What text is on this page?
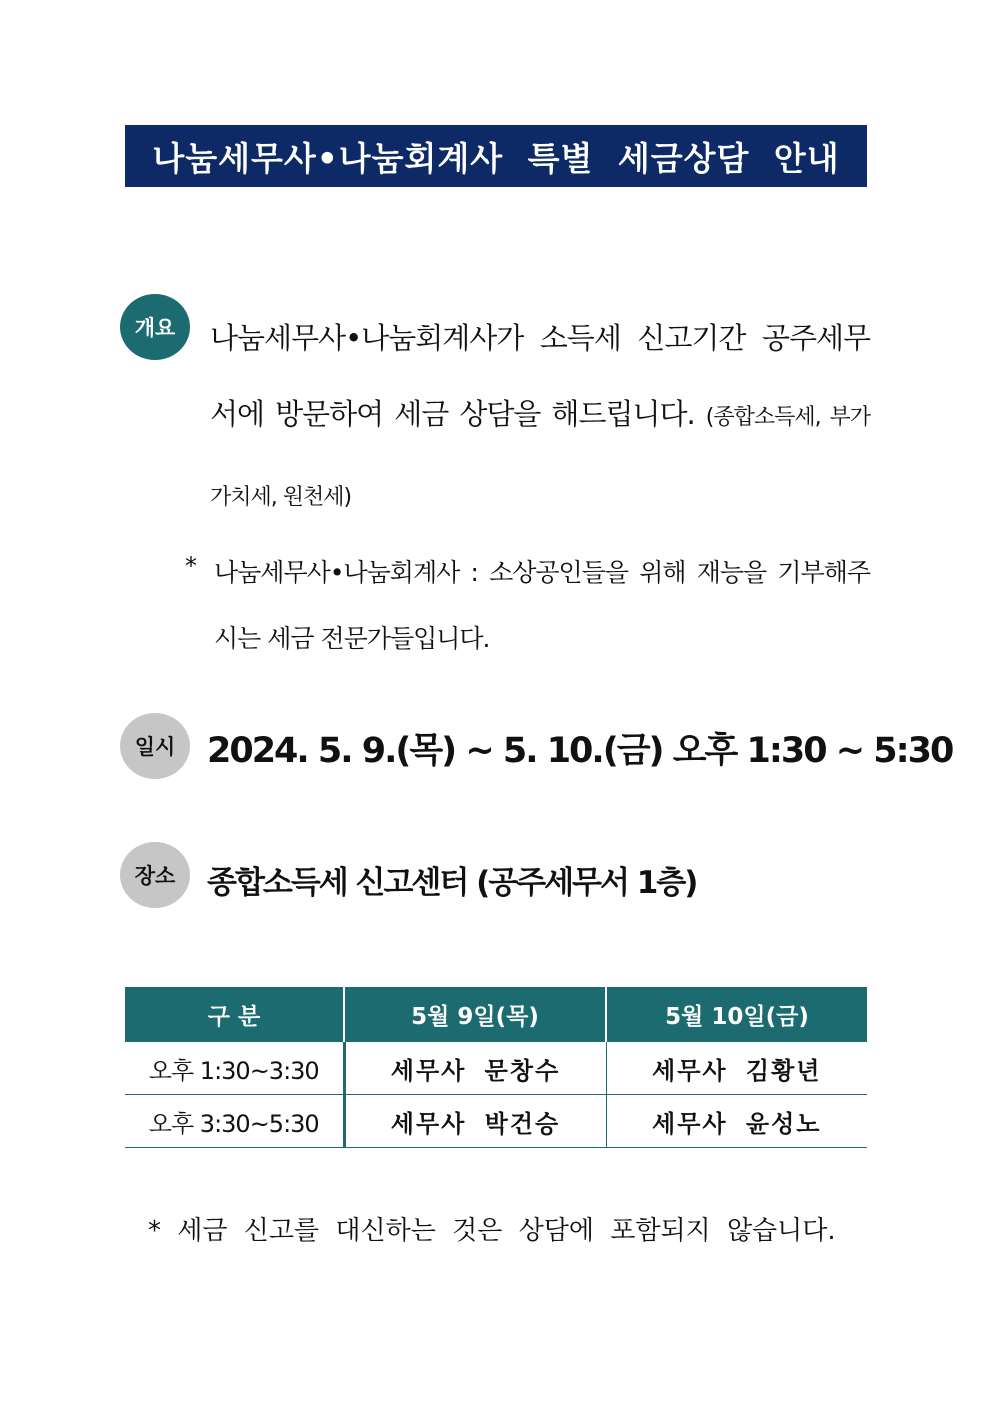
나눔세무사•나눔회계사 특별 세금상담 안내
개요	나눔세무사•나눔회계사가 소득세 신고기간 공주세무서에 방문하여 세금 상담을 해드립니다. (종합소득세, 부가가치세, 원천세)
* 나눔세무사•나눔회계사 : 소상공인들을 위해 재능을 기부해주시는 세금 전문가들입니다.
일시 2024. 5. 9.(목) ~ 5. 10.(금) 오후 1:30 ~ 5:30
장소	종합소득세 신고센터 (공주세무서 1층)
구 분	5월 9일(목)	5월 10일(금)
오후 1:30~3:30	세무사 문창수	세무사 김황년
오후 3:30~5:30	세무사 박건승	세무사 윤성노
* 세금 신고를 대신하는 것은 상담에 포함되지 않습니다.
